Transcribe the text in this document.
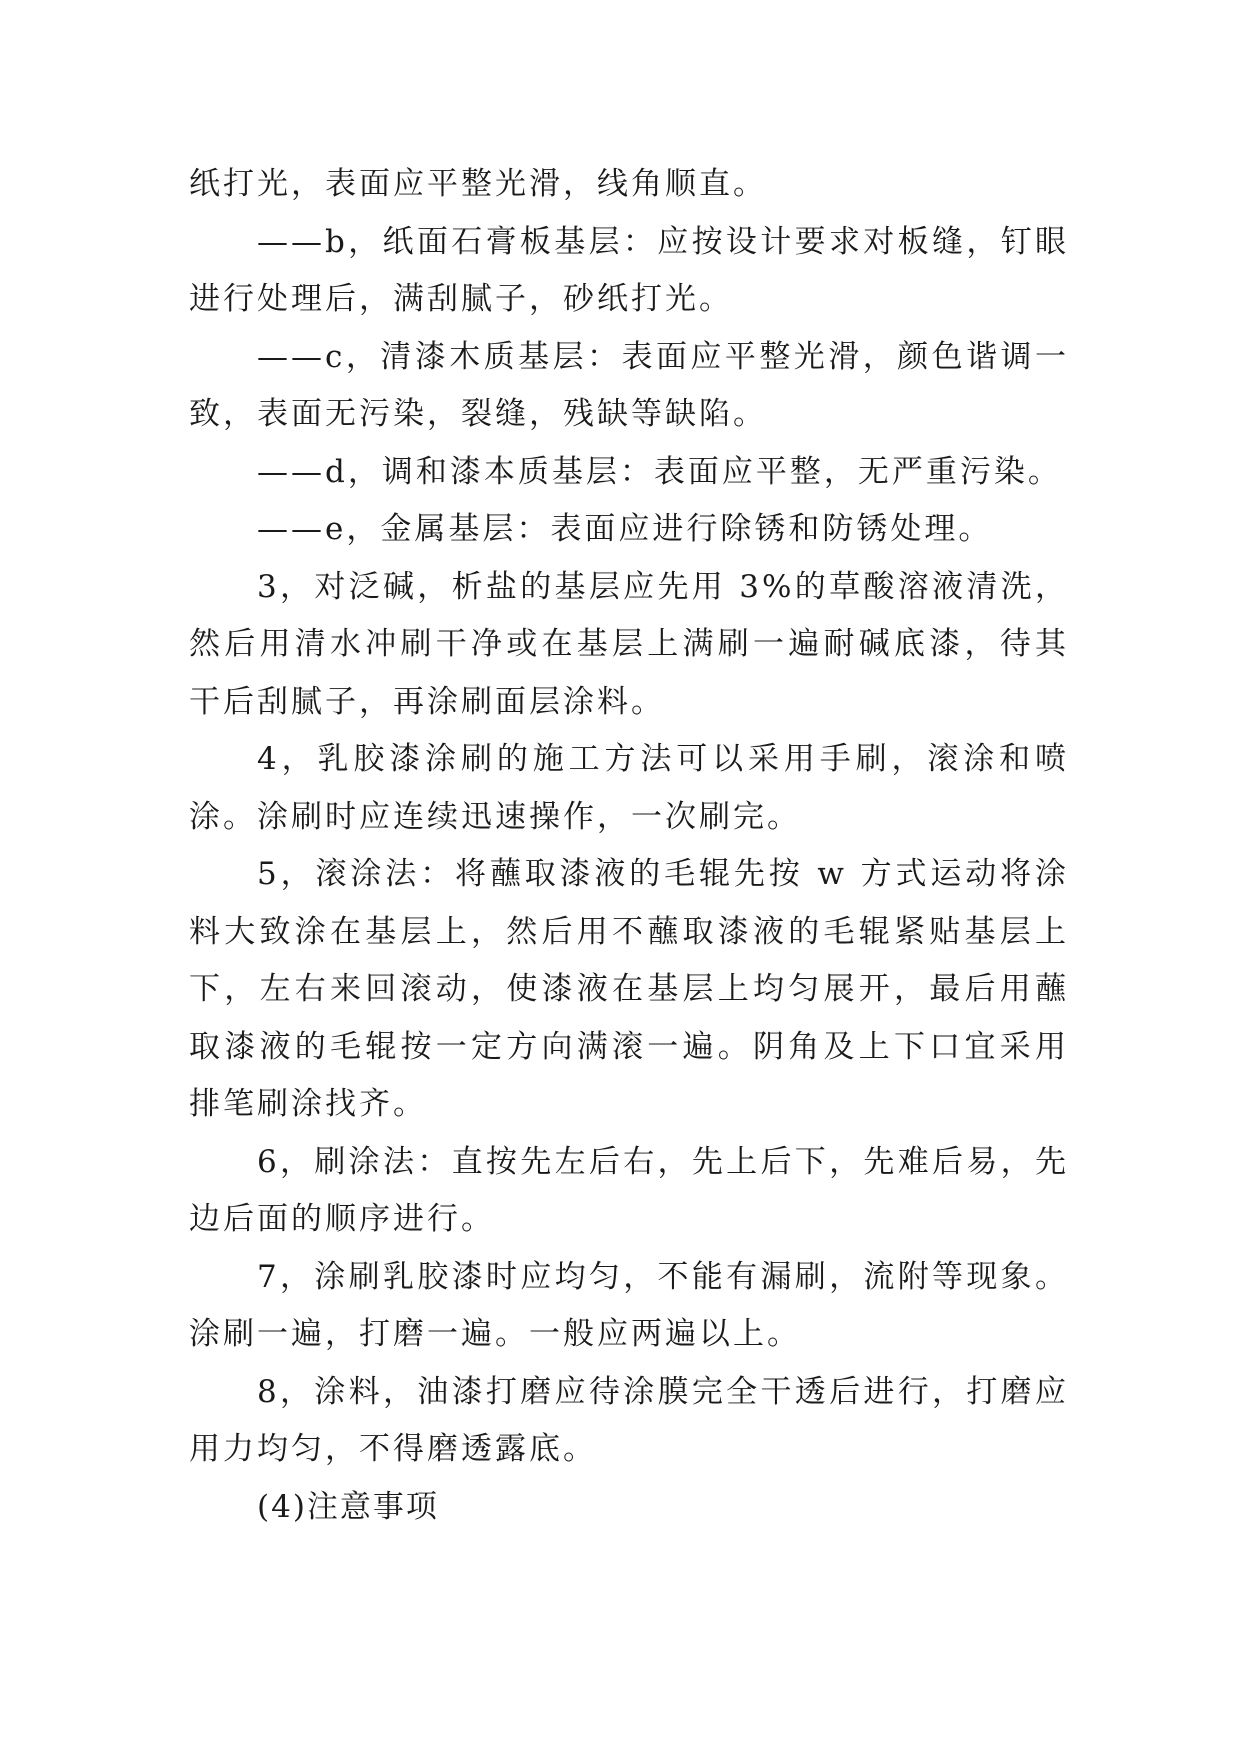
纸打光，表面应平整光滑，线角顺直。

——b，纸面石膏板基层：应按设计要求对板缝，钉眼进行处理后，满刮腻子，砂纸打光。

——c，清漆木质基层：表面应平整光滑，颜色谐调一致，表面无污染，裂缝，残缺等缺陷。

——d，调和漆本质基层：表面应平整，无严重污染。

——e，金属基层：表面应进行除锈和防锈处理。

3，对泛碱，析盐的基层应先用 3%的草酸溶液清洗，然后用清水冲刷干净或在基层上满刷一遍耐碱底漆，待其干后刮腻子，再涂刷面层涂料。

4，乳胶漆涂刷的施工方法可以采用手刷，滚涂和喷涂。涂刷时应连续迅速操作，一次刷完。

5，滚涂法：将蘸取漆液的毛辊先按 w 方式运动将涂料大致涂在基层上，然后用不蘸取漆液的毛辊紧贴基层上下，左右来回滚动，使漆液在基层上均匀展开，最后用蘸取漆液的毛辊按一定方向满滚一遍。阴角及上下口宜采用排笔刷涂找齐。

6，刷涂法：直按先左后右，先上后下，先难后易，先边后面的顺序进行。

7，涂刷乳胶漆时应均匀，不能有漏刷，流附等现象。涂刷一遍，打磨一遍。一般应两遍以上。

8，涂料，油漆打磨应待涂膜完全干透后进行，打磨应用力均匀，不得磨透露底。

(4)注意事项
